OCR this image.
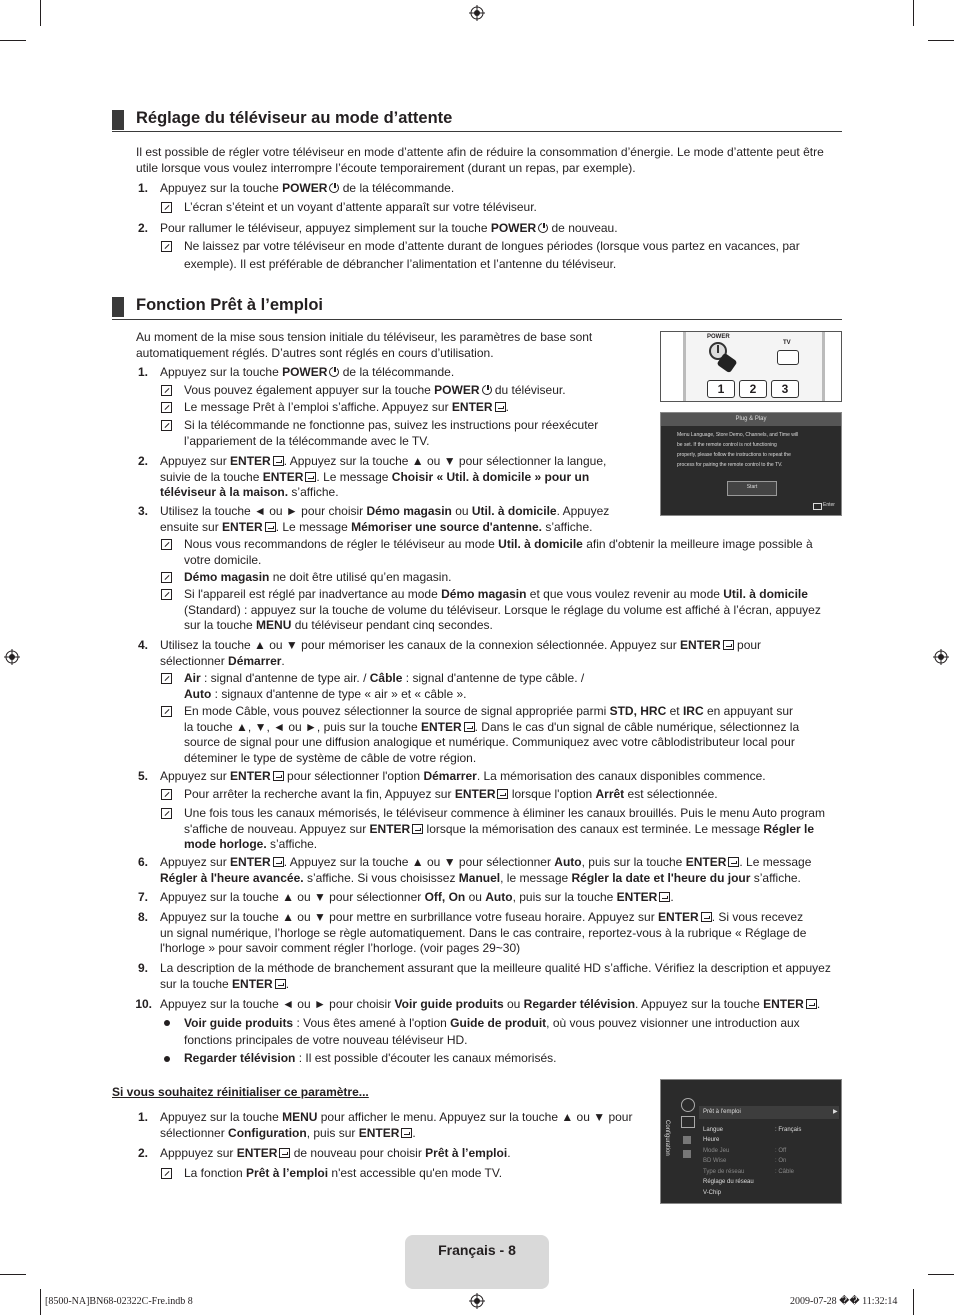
Réglage du téléviseur au mode d’attente
Il est possible de régler votre téléviseur en mode d’attente afin de réduire la consommation d’énergie. Le mode d’attente peut être
utile lorsque vous voulez interrompre l’écoute temporairement (durant un repas, par exemple).
1. Appuyez sur la touche POWER de la télécommande.
L’écran s’éteint et un voyant d’attente apparaît sur votre téléviseur.
2. Pour rallumer le téléviseur, appuyez simplement sur la touche POWER de nouveau.
Ne laissez par votre téléviseur en mode d’attente durant de longues périodes (lorsque vous partez en vacances, par
exemple). Il est préférable de débrancher l’alimentation et l’antenne du téléviseur.
Fonction Prêt à l’emploi
Au moment de la mise sous tension initiale du téléviseur, les paramètres de base sont
automatiquement réglés. D’autres sont réglés en cours d’utilisation.
1. Appuyez sur la touche POWER de la télécommande.
Vous pouvez également appuyer sur la touche POWER du téléviseur.
Le message Prêt à l’emploi s’affiche. Appuyez sur ENTER .
Si la télécommande ne fonctionne pas, suivez les instructions pour réexécuter
l’appariement de la télécommande avec le TV.
2. Appuyez sur ENTER . Appuyez sur la touche ▲ ou ▼ pour sélectionner la langue,
suivie de la touche ENTER . Le message Choisir « Util. à domicile » pour un
téléviseur à la maison. s’affiche.
3. Utilisez la touche ◄ ou ► pour choisir Démo magasin ou Util. à domicile. Appuyez
ensuite sur ENTER . Le message Mémoriser une source d'antenne. s’affiche.
Nous vous recommandons de régler le téléviseur au mode Util. à domicile afin d'obtenir la meilleure image possible à
votre domicile.
Démo magasin ne doit être utilisé qu’en magasin.
Si l'appareil est réglé par inadvertance au mode Démo magasin et que vous voulez revenir au mode Util. à domicile
(Standard) : appuyez sur la touche de volume du téléviseur. Lorsque le réglage du volume est affiché à l’écran, appuyez
sur la touche MENU du téléviseur pendant cinq secondes.
4. Utilisez la touche ▲ ou ▼ pour mémoriser les canaux de la connexion sélectionnée. Appuyez sur ENTER pour
sélectionner Démarrer.
Air : signal d'antenne de type air. / Câble : signal d'antenne de type câble. /
Auto : signaux d'antenne de type « air » et « câble ».
En mode Câble, vous pouvez sélectionner la source de signal appropriée parmi STD, HRC et IRC en appuyant sur
la touche ▲, ▼, ◄ ou ►, puis sur la touche ENTER . Dans le cas d'un signal de câble numérique, sélectionnez la
source de signal pour une diffusion analogique et numérique. Communiquez avec votre câblodistributeur local pour
déteminer le type de système de câble de votre région.
5. Appuyez sur ENTER pour sélectionner l'option Démarrer. La mémorisation des canaux disponibles commence.
Pour arrêter la recherche avant la fin, Appuyez sur ENTER lorsque l'option Arrêt est sélectionnée.
Une fois tous les canaux mémorisés, le téléviseur commence à éliminer les canaux brouillés. Puis le menu Auto program
s'affiche de nouveau. Appuyez sur ENTER lorsque la mémorisation des canaux est terminée. Le message Régler le
mode horloge. s’affiche.
6. Appuyez sur ENTER . Appuyez sur la touche ▲ ou ▼ pour sélectionner Auto, puis sur la touche ENTER . Le message
Régler à l'heure avancée. s’affiche. Si vous choisissez Manuel, le message Régler la date et l'heure du jour s’affiche.
7. Appuyez sur la touche ▲ ou ▼ pour sélectionner Off, On ou Auto, puis sur la touche ENTER .
8. Appuyez sur la touche ▲ ou ▼ pour mettre en surbrillance votre fuseau horaire. Appuyez sur ENTER . Si vous recevez
un signal numérique, l’horloge se règle automatiquement. Dans le cas contraire, reportez-vous à la rubrique « Réglage de
l'horloge » pour savoir comment régler l’horloge. (voir pages 29~30)
9. La description de la méthode de branchement assurant que la meilleure qualité HD s’affiche. Vérifiez la description et appuyez
sur la touche ENTER .
10. Appuyez sur la touche ◄ ou ► pour choisir Voir guide produits ou Regarder télévision. Appuyez sur la touche ENTER .
Voir guide produits : Vous êtes amené à l'option Guide de produit, où vous pouvez visionner une introduction aux
fonctions principales de votre nouveau téléviseur HD.
Regarder télévision : Il est possible d'écouter les canaux mémorisés.
Si vous souhaitez réinitialiser ce paramètre...
1. Appuyez sur la touche MENU pour afficher le menu. Appuyez sur la touche ▲ ou ▼ pour
sélectionner Configuration, puis sur ENTER .
2. Apppuyez sur ENTER de nouveau pour choisir Prêt à l’emploi.
La fonction Prêt à l’emploi n'est accessible qu'en mode TV.
POWER
TV
1	2	3
Plug & Play
Menu Language, Store Demo, Channels, and Time will
be set. If the remote control is not functioning
properly, please follow the instructions to repeat the
process for pairing the remote control to the TV.
Start
Enter
Configuration
Prêt à l'emploi	▶
Langue	: Français
Heure
Mode Jeu	: Off
BD Wise	: On
Type de réseau	: Câble
Réglage du réseau
V-Chip
Français - 8
[8500-NA]BN68-02322C-Fre.indb 8	2009-07-28 �� 11:32:14
